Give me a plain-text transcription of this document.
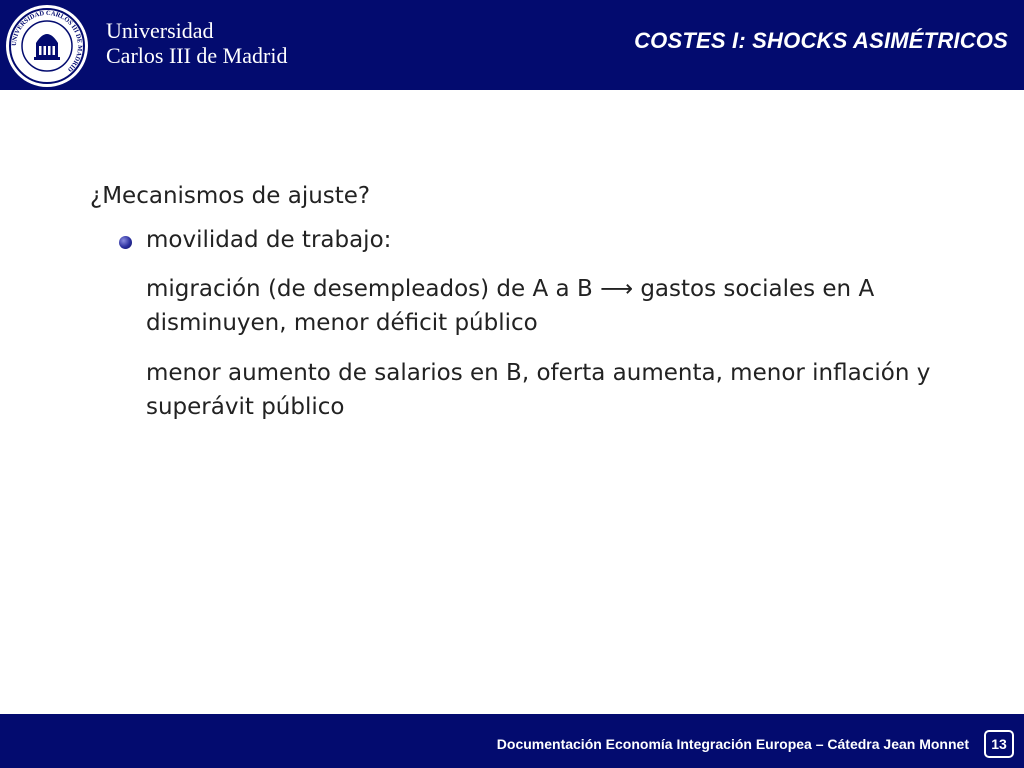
UNIVERSIDAD CARLOS III DE MADRID
Universidad
Carlos III de Madrid
COSTES I: SHOCKS ASIMÉTRICOS
¿Mecanismos de ajuste?
movilidad de trabajo:
migración (de desempleados) de A a B ⟶ gastos sociales en A
disminuyen, menor déficit público
menor aumento de salarios en B, oferta aumenta, menor inflación y
superávit público
Documentación Economía Integración Europea – Cátedra Jean Monnet	13
